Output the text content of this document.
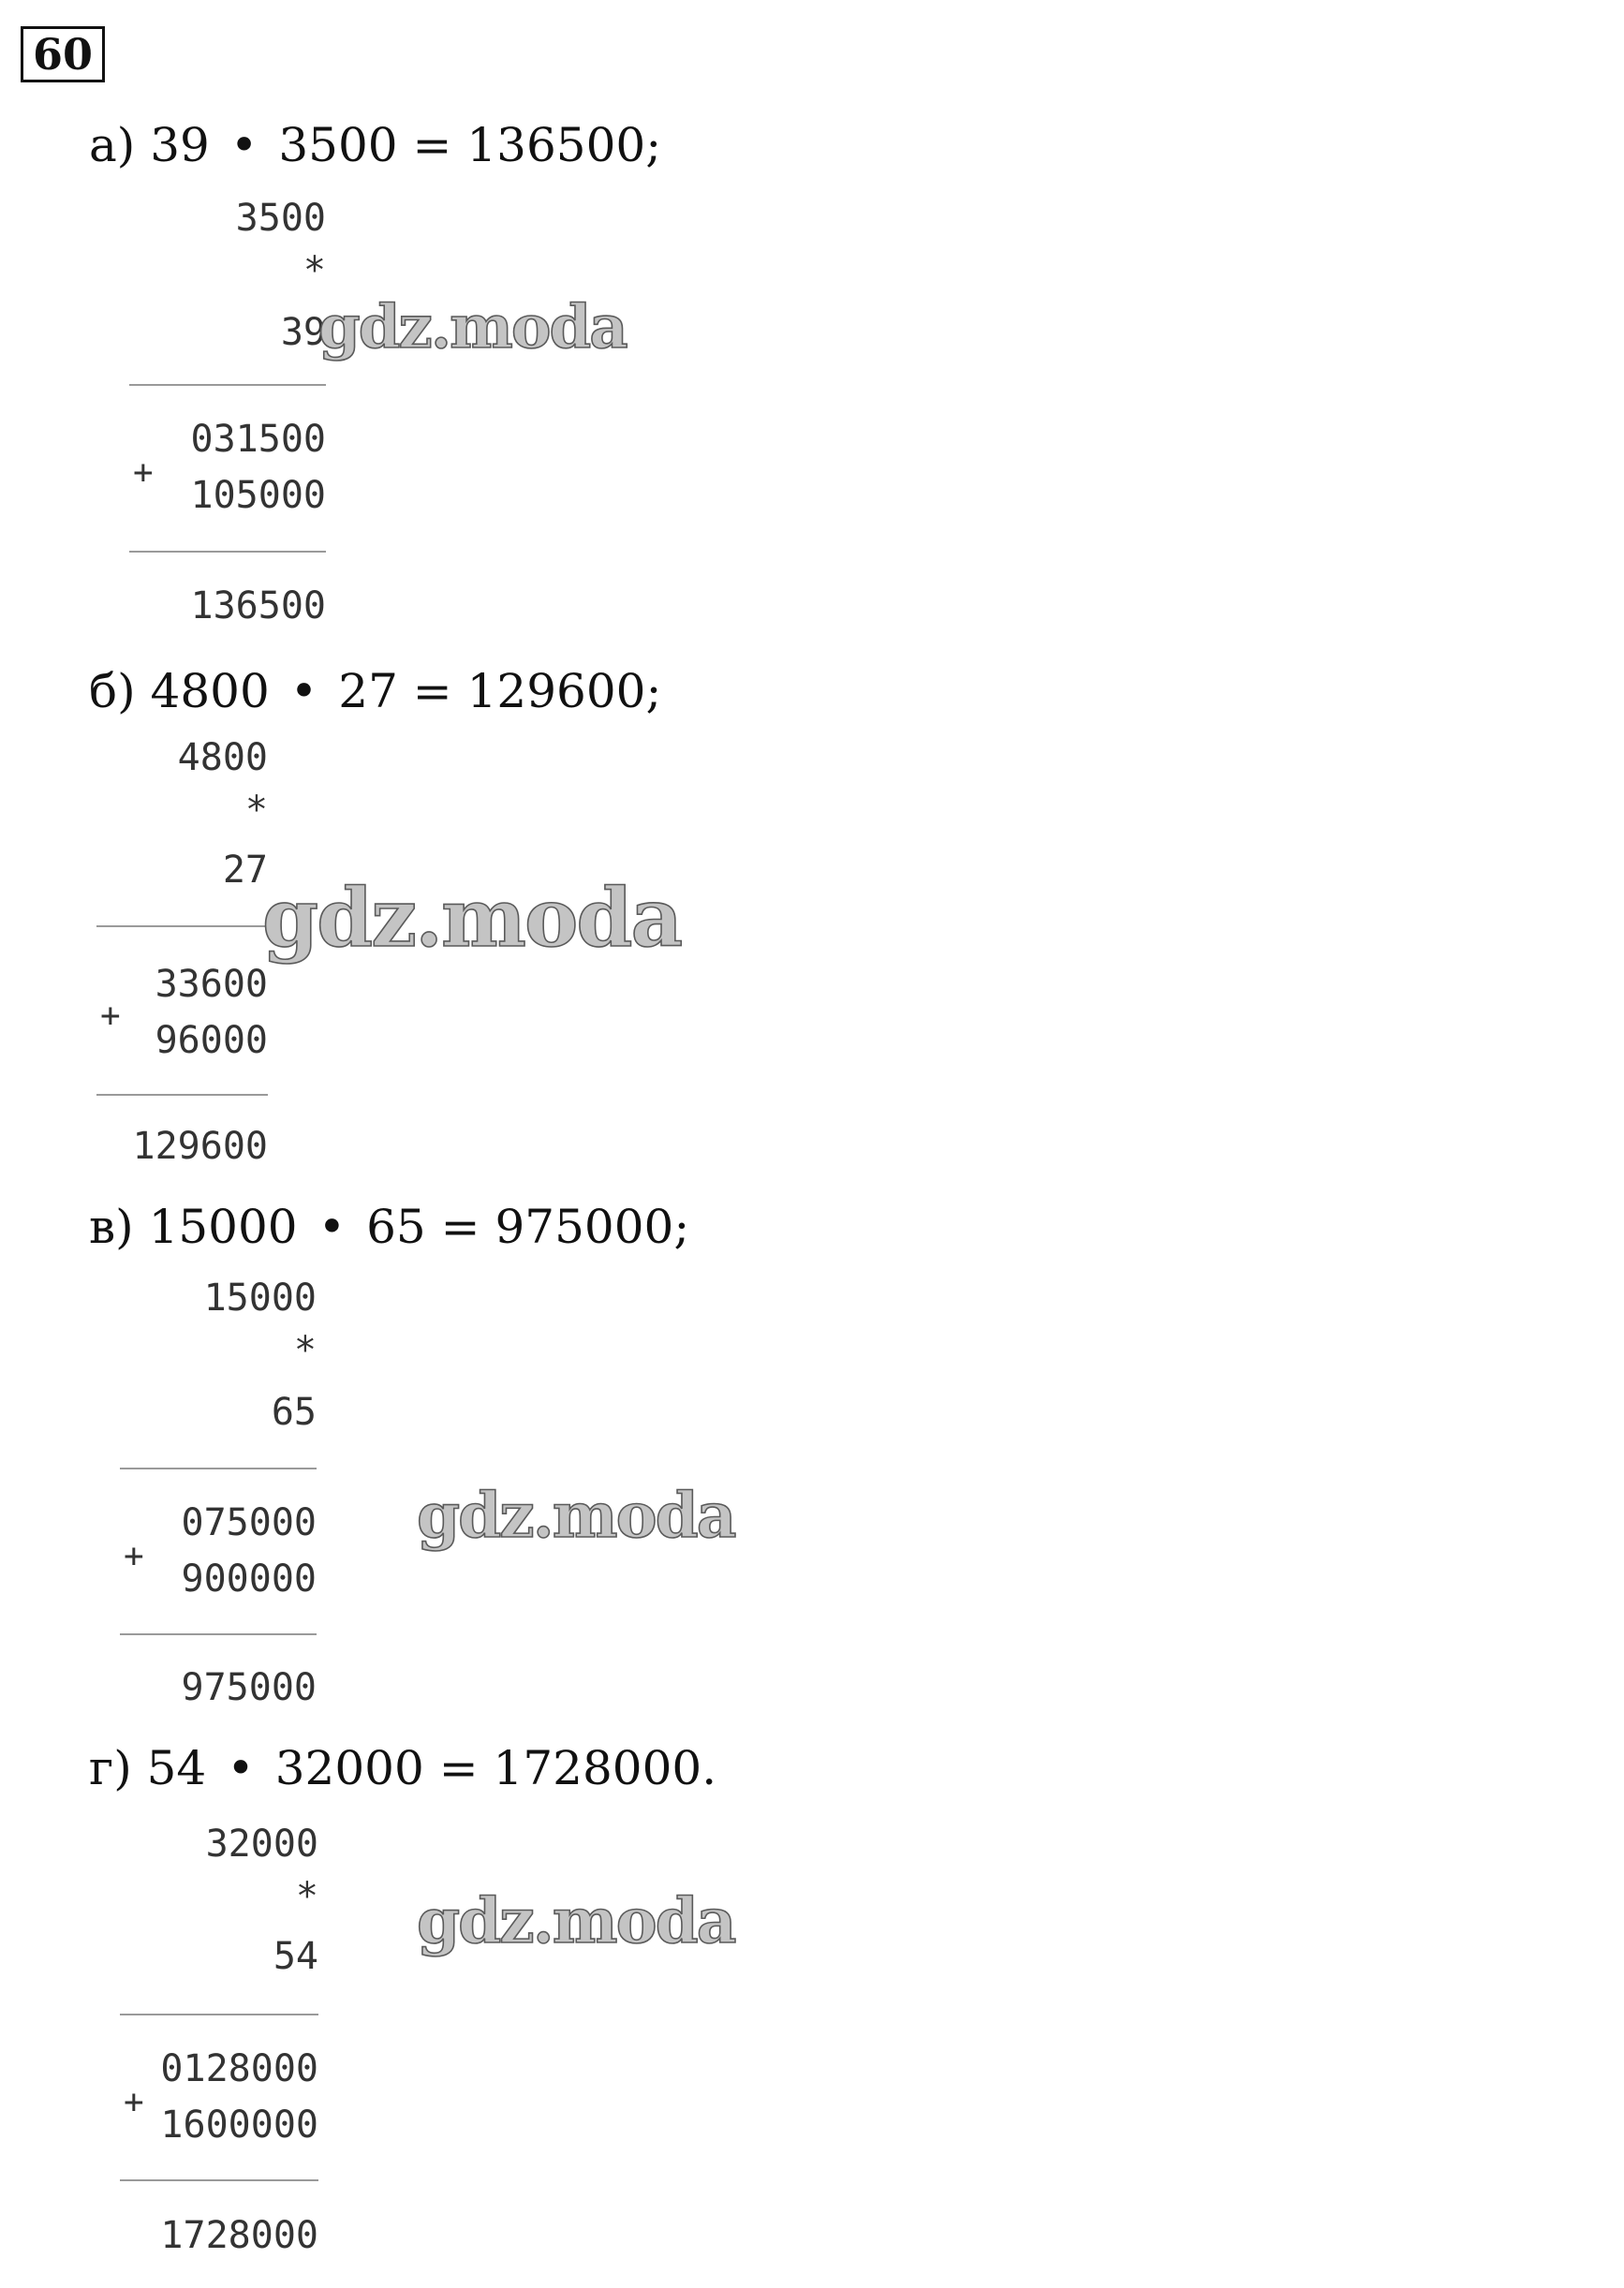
60
а) 39 • 3500 = 136500;
3500
*
39
031500
+
105000
136500
gdz.moda
б) 4800 • 27 = 129600;
4800
*
27
33600
+
96000
129600
gdz.moda
в) 15000 • 65 = 975000;
15000
*
65
075000
+
900000
975000
gdz.moda
г) 54 • 32000 = 1728000.
32000
*
54
0128000
+
1600000
1728000
gdz.moda
